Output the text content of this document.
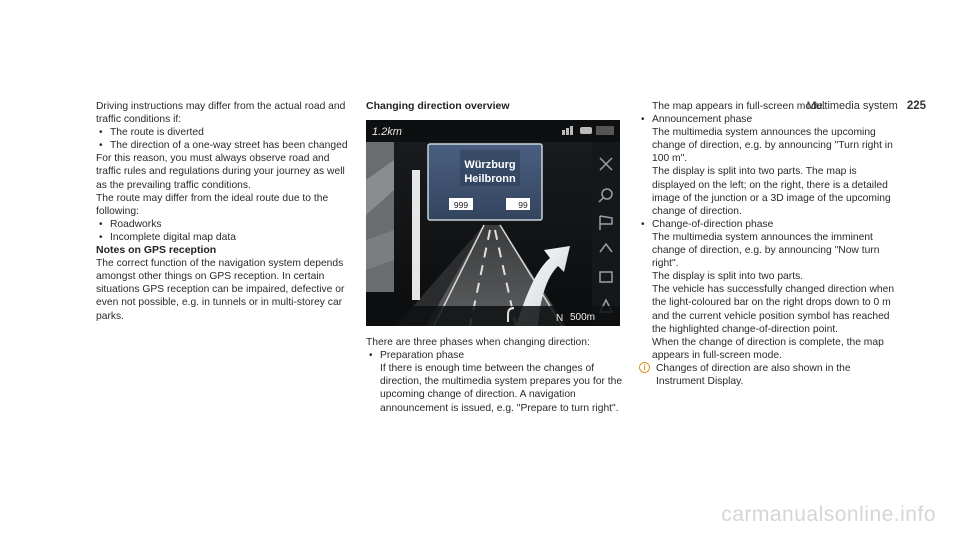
Multimedia system 225

Driving instructions may differ from the actual road and traffic conditions if:

• The route is diverted

• The direction of a one-way street has been changed

For this reason, you must always observe road and traffic rules and regulations during your journey as well as the prevailing traffic conditions.

The route may differ from the ideal route due to the following:

• Roadworks

• Incomplete digital map data

Notes on GPS reception

The correct function of the navigation system depends amongst other things on GPS reception. In certain situations GPS reception can be impaired, defective or even not possible, e.g. in tunnels or in multi-storey car parks.

Changing direction overview
1.2km
Würzburg
Heilbronn
999	99
N 500m

There are three phases when changing direction:

• Preparation phase

If there is enough time between the changes of direction, the multimedia system prepares you for the upcoming change of direction. A navigation announcement is issued, e.g. "Prepare to turn right".

The map appears in full-screen mode.

• Announcement phase

The multimedia system announces the upcoming change of direction, e.g. by announcing "Turn right in 100 m".

The display is split into two parts. The map is displayed on the left; on the right, there is a detailed image of the junction or a 3D image of the upcoming change of direction.

• Change-of-direction phase

The multimedia system announces the imminent change of direction, e.g. by announcing "Now turn right".

The display is split into two parts.

The vehicle has successfully changed direction when the light-coloured bar on the right drops down to 0 m and the current vehicle position symbol has reached the highlighted change-of-direction point.

When the change of direction is complete, the map appears in full-screen mode.

i	Changes of direction are also shown in the Instrument Display.

carmanualsonline.info
